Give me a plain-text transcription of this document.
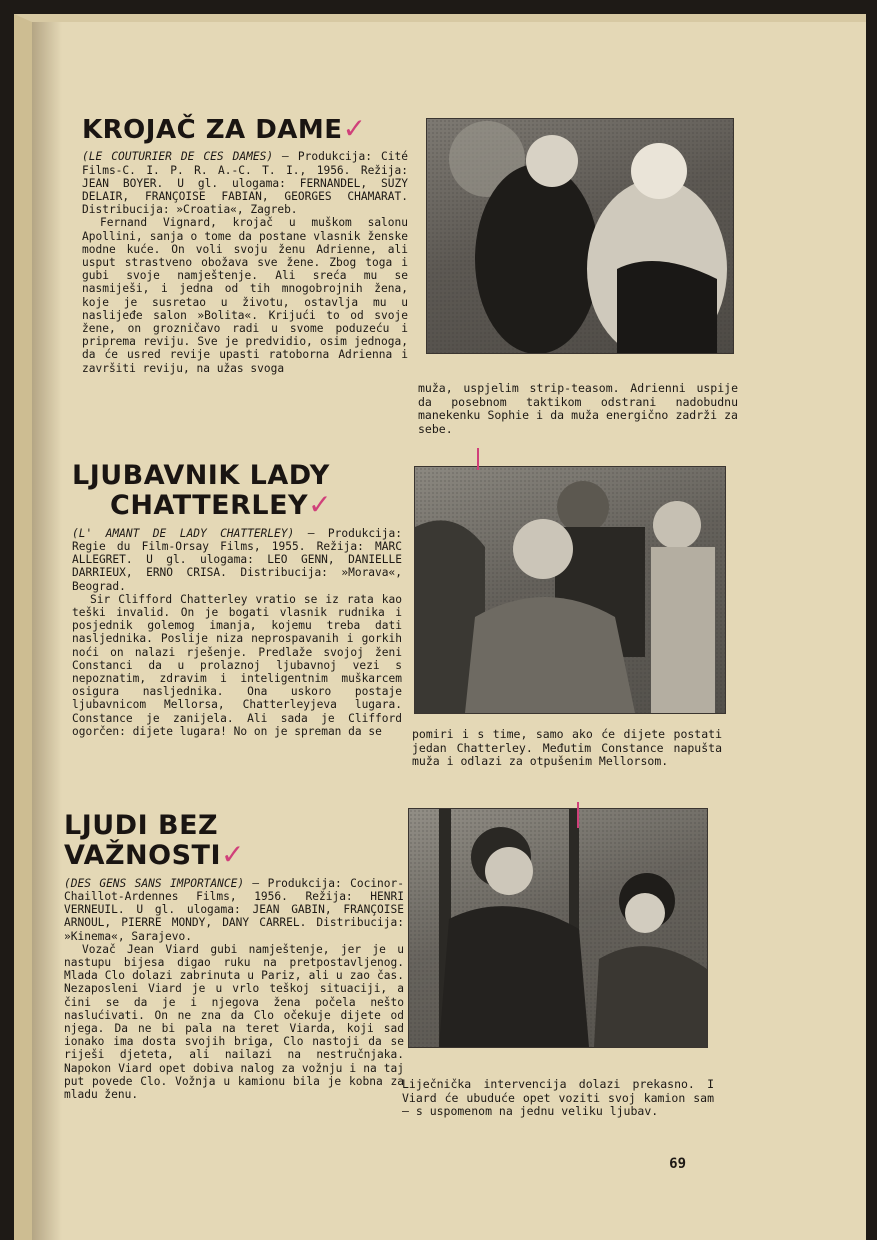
KROJAČ ZA DAME✓

(LE COUTURIER DE CES DAMES) — Produkcija: Cité Films-C. I. P. R. A.-C. T. I., 1956. Režija: JEAN BOYER. U gl. ulogama: FERNANDEL, SUZY DELAIR, FRANÇOISE FABIAN, GEORGES CHAMARAT. Distribucija: »Croatia«, Zagreb.

Fernand Vignard, krojač u muškom salonu Apollini, sanja o tome da postane vlasnik ženske modne kuće. On voli svoju ženu Adrienne, ali usput strastveno obožava sve žene. Zbog toga i gubi svoje namještenje. Ali sreća mu se nasmiješi, i jedna od tih mnogobrojnih žena, koje je susretao u životu, ostavlja mu u naslijeđe salon »Bolita«. Krijući to od svoje žene, on grozničavo radi u svome poduzeću i priprema reviju. Sve je predvidio, osim jednoga, da će usred revije upasti ratoborna Adrienna i završiti reviju, na užas svoga

muža, uspjelim strip-teasom. Adrienni uspije da posebnom taktikom odstrani nadobudnu manekenku Sophie i da muža energično zadrži za sebe.
LJUBAVNIK LADY
CHATTERLEY✓

(L' AMANT DE LADY CHATTERLEY) — Produkcija: Regie du Film-Orsay Films, 1955. Režija: MARC ALLEGRET. U gl. ulogama: LEO GENN, DANIELLE DARRIEUX, ERNO CRISA. Distribucija: »Morava«, Beograd.

Sir Clifford Chatterley vratio se iz rata kao teški invalid. On je bogati vlasnik rudnika i posjednik golemog imanja, kojemu treba dati nasljednika. Poslije niza neprospavanih i gorkih noći on nalazi rješenje. Predlaže svojoj ženi Constanci da u prolaznoj ljubavnoj vezi s nepoznatim, zdravim i inteligentnim muškarcem osigura nasljednika. Ona uskoro postaje ljubavnicom Mellorsa, Chatterleyjeva lugara. Constance je zanijela. Ali sada je Clifford ogorčen: dijete lugara! No on je spreman da se	pomiri i s time, samo ako će dijete postati jedan Chatterley. Međutim Constance napušta muža i odlazi za otpušenim Mellorsom.
LJUDI BEZ VAŽNOSTI✓

(DES GENS SANS IMPORTANCE) — Produkcija: Cocinor-Chaillot-Ardennes Films, 1956. Režija: HENRI VERNEUIL. U gl. ulogama: JEAN GABIN, FRANÇOISE ARNOUL, PIERRE MONDY, DANY CARREL. Distribucija: »Kinema«, Sarajevo.

Vozač Jean Viard gubi namještenje, jer je u nastupu bijesa digao ruku na pretpostavljenog. Mlada Clo dolazi zabrinuta u Pariz, ali u zao čas. Nezaposleni Viard je u vrlo teškoj situaciji, a čini se da je i njegova žena počela nešto naslućivati. On ne zna da Clo očekuje dijete od njega. Da ne bi pala na teret Viarda, koji sad ionako ima dosta svojih briga, Clo nastoji da se riješi djeteta, ali nailazi na nestručnjaka. Napokon Viard opet dobiva nalog za vožnju i na taj put povede Clo. Vožnja u kamionu bila je kobna za mladu ženu.

Liječnička intervencija dolazi prekasno. I Viard će ubuduće opet voziti svoj kamion sam — s uspomenom na jednu veliku ljubav.
69
